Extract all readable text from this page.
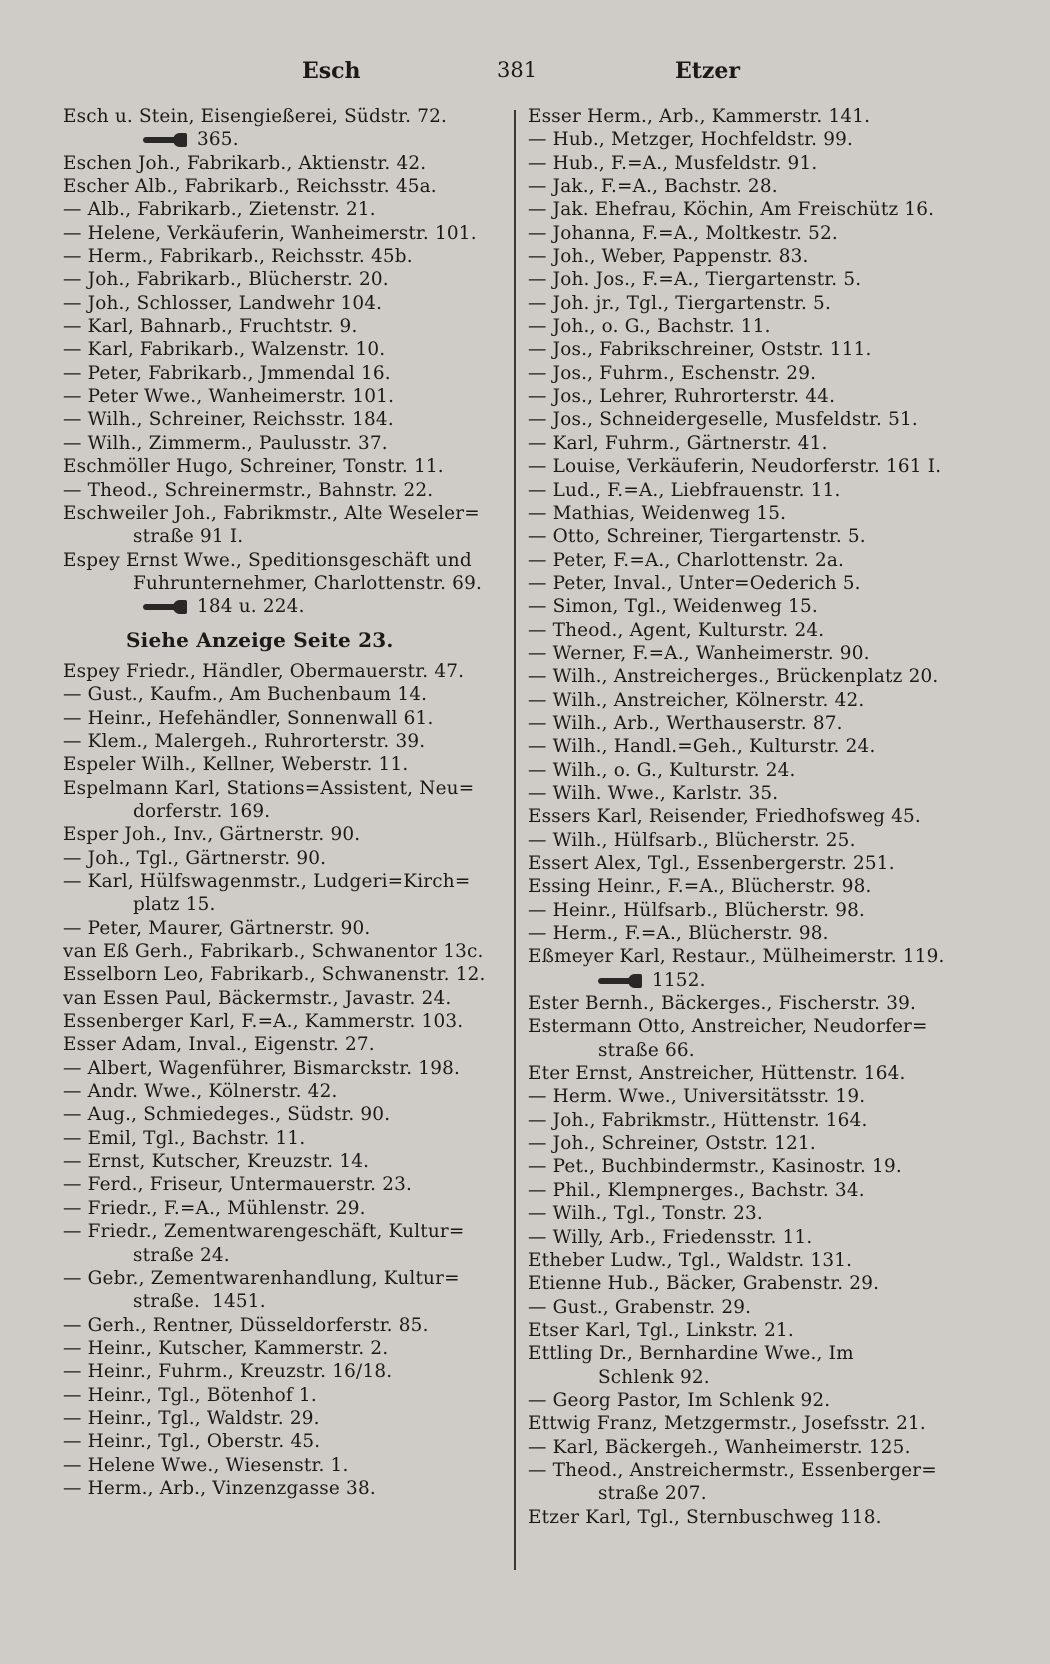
Esch	381	Etzer
Esch u. Stein, Eisengießerei, Südstr. 72.
365.
Eschen Joh., Fabrikarb., Aktienstr. 42.
Escher Alb., Fabrikarb., Reichsstr. 45a.
— Alb., Fabrikarb., Zietenstr. 21.
— Helene, Verkäuferin, Wanheimerstr. 101.
— Herm., Fabrikarb., Reichsstr. 45b.
— Joh., Fabrikarb., Blücherstr. 20.
— Joh., Schlosser, Landwehr 104.
— Karl, Bahnarb., Fruchtstr. 9.
— Karl, Fabrikarb., Walzenstr. 10.
— Peter, Fabrikarb., Jmmendal 16.
— Peter Wwe., Wanheimerstr. 101.
— Wilh., Schreiner, Reichsstr. 184.
— Wilh., Zimmerm., Paulusstr. 37.
Eschmöller Hugo, Schreiner, Tonstr. 11.
— Theod., Schreinermstr., Bahnstr. 22.
Eschweiler Joh., Fabrikmstr., Alte Weseler=
straße 91 I.
Espey Ernst Wwe., Speditionsgeschäft und
Fuhrunternehmer, Charlottenstr. 69.
184 u. 224.
Siehe Anzeige Seite 23.
Espey Friedr., Händler, Obermauerstr. 47.
— Gust., Kaufm., Am Buchenbaum 14.
— Heinr., Hefehändler, Sonnenwall 61.
— Klem., Malergeh., Ruhrorterstr. 39.
Espeler Wilh., Kellner, Weberstr. 11.
Espelmann Karl, Stations=Assistent, Neu=
dorferstr. 169.
Esper Joh., Inv., Gärtnerstr. 90.
— Joh., Tgl., Gärtnerstr. 90.
— Karl, Hülfswagenmstr., Ludgeri=Kirch=
platz 15.
— Peter, Maurer, Gärtnerstr. 90.
van Eß Gerh., Fabrikarb., Schwanentor 13c.
Esselborn Leo, Fabrikarb., Schwanenstr. 12.
van Essen Paul, Bäckermstr., Javastr. 24.
Essenberger Karl, F.=A., Kammerstr. 103.
Esser Adam, Inval., Eigenstr. 27.
— Albert, Wagenführer, Bismarckstr. 198.
— Andr. Wwe., Kölnerstr. 42.
— Aug., Schmiedeges., Südstr. 90.
— Emil, Tgl., Bachstr. 11.
— Ernst, Kutscher, Kreuzstr. 14.
— Ferd., Friseur, Untermauerstr. 23.
— Friedr., F.=A., Mühlenstr. 29.
— Friedr., Zementwarengeschäft, Kultur=
straße 24.
— Gebr., Zementwarenhandlung, Kultur=
straße.  1451.
— Gerh., Rentner, Düsseldorferstr. 85.
— Heinr., Kutscher, Kammerstr. 2.
— Heinr., Fuhrm., Kreuzstr. 16/18.
— Heinr., Tgl., Bötenhof 1.
— Heinr., Tgl., Waldstr. 29.
— Heinr., Tgl., Oberstr. 45.
— Helene Wwe., Wiesenstr. 1.
— Herm., Arb., Vinzenzgasse 38.
Esser Herm., Arb., Kammerstr. 141.
— Hub., Metzger, Hochfeldstr. 99.
— Hub., F.=A., Musfeldstr. 91.
— Jak., F.=A., Bachstr. 28.
— Jak. Ehefrau, Köchin, Am Freischütz 16.
— Johanna, F.=A., Moltkestr. 52.
— Joh., Weber, Pappenstr. 83.
— Joh. Jos., F.=A., Tiergartenstr. 5.
— Joh. jr., Tgl., Tiergartenstr. 5.
— Joh., o. G., Bachstr. 11.
— Jos., Fabrikschreiner, Oststr. 111.
— Jos., Fuhrm., Eschenstr. 29.
— Jos., Lehrer, Ruhrorterstr. 44.
— Jos., Schneidergeselle, Musfeldstr. 51.
— Karl, Fuhrm., Gärtnerstr. 41.
— Louise, Verkäuferin, Neudorferstr. 161 I.
— Lud., F.=A., Liebfrauenstr. 11.
— Mathias, Weidenweg 15.
— Otto, Schreiner, Tiergartenstr. 5.
— Peter, F.=A., Charlottenstr. 2a.
— Peter, Inval., Unter=Oederich 5.
— Simon, Tgl., Weidenweg 15.
— Theod., Agent, Kulturstr. 24.
— Werner, F.=A., Wanheimerstr. 90.
— Wilh., Anstreicherges., Brückenplatz 20.
— Wilh., Anstreicher, Kölnerstr. 42.
— Wilh., Arb., Werthauserstr. 87.
— Wilh., Handl.=Geh., Kulturstr. 24.
— Wilh., o. G., Kulturstr. 24.
— Wilh. Wwe., Karlstr. 35.
Essers Karl, Reisender, Friedhofsweg 45.
— Wilh., Hülfsarb., Blücherstr. 25.
Essert Alex, Tgl., Essenbergerstr. 251.
Essing Heinr., F.=A., Blücherstr. 98.
— Heinr., Hülfsarb., Blücherstr. 98.
— Herm., F.=A., Blücherstr. 98.
Eßmeyer Karl, Restaur., Mülheimerstr. 119.
1152.
Ester Bernh., Bäckerges., Fischerstr. 39.
Estermann Otto, Anstreicher, Neudorfer=
straße 66.
Eter Ernst, Anstreicher, Hüttenstr. 164.
— Herm. Wwe., Universitätsstr. 19.
— Joh., Fabrikmstr., Hüttenstr. 164.
— Joh., Schreiner, Oststr. 121.
— Pet., Buchbindermstr., Kasinostr. 19.
— Phil., Klempnerges., Bachstr. 34.
— Wilh., Tgl., Tonstr. 23.
— Willy, Arb., Friedensstr. 11.
Etheber Ludw., Tgl., Waldstr. 131.
Etienne Hub., Bäcker, Grabenstr. 29.
— Gust., Grabenstr. 29.
Etser Karl, Tgl., Linkstr. 21.
Ettling Dr., Bernhardine Wwe., Im
Schlenk 92.
— Georg Pastor, Im Schlenk 92.
Ettwig Franz, Metzgermstr., Josefsstr. 21.
— Karl, Bäckergeh., Wanheimerstr. 125.
— Theod., Anstreichermstr., Essenberger=
straße 207.
Etzer Karl, Tgl., Sternbuschweg 118.
